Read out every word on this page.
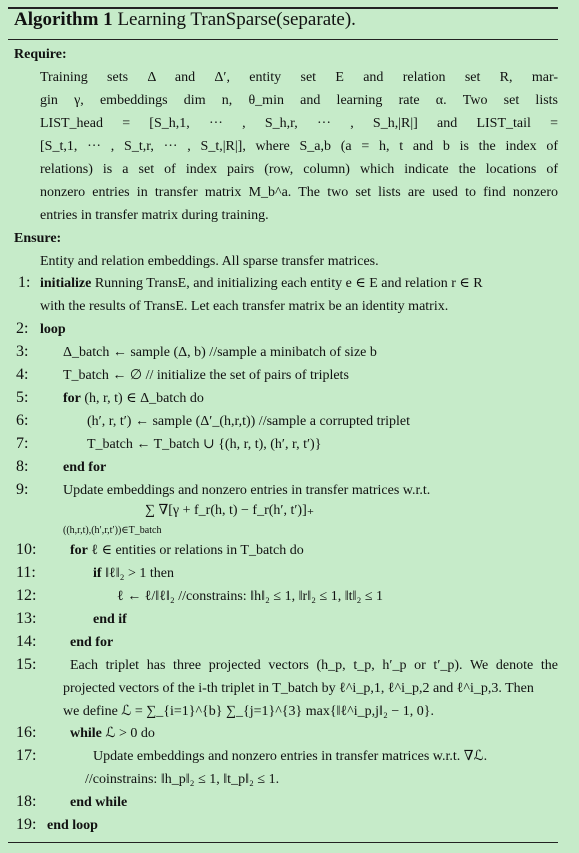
Algorithm 1 Learning TranSparse(separate).
Require:
Training sets Δ and Δ′, entity set E and relation set R, mar-
gin γ, embeddings dim n, θ_min and learning rate α. Two set lists
LIST_head = [S_h,1, ··· , S_h,r, ··· , S_h,|R|] and LIST_tail =
[S_t,1, ··· , S_t,r, ··· , S_t,|R|], where S_a,b (a = h, t and b is the index of
relations) is a set of index pairs (row, column) which indicate the locations of
nonzero entries in transfer matrix M_b^a. The two set lists are used to find nonzero
entries in transfer matrix during training.
Ensure:
Entity and relation embeddings. All sparse transfer matrices.
1: initialize Running TransE, and initializing each entity e ∈ E and relation r ∈ R
with the results of TransE. Let each transfer matrix be an identity matrix.
2: loop
3: Δ_batch ← sample (Δ, b) //sample a minibatch of size b
4: T_batch ← ∅ // initialize the set of pairs of triplets
5: for (h, r, t) ∈ Δ_batch do
6:	(h′, r, t′) ← sample (Δ′_(h,r,t)) //sample a corrupted triplet
7:	T_batch ← T_batch ∪ {(h, r, t), (h′, r, t′)}
8: end for
9: Update embeddings and nonzero entries in transfer matrices w.r.t.
∑ ∇[γ + f_r(h, t) − f_r(h′, t′)]₊
((h,r,t),(h′,r,t′))∈T_batch
10: for ℓ ∈ entities or relations in T_batch do
11:	if ‖ℓ‖₂ > 1 then
12:	ℓ ← ℓ/‖ℓ‖₂ //constrains: ‖h‖₂ ≤ 1, ‖r‖₂ ≤ 1, ‖t‖₂ ≤ 1
13:	end if
14: end for
15: Each triplet has three projected vectors (h_p, t_p, h′_p or t′_p). We denote the
projected vectors of the i-th triplet in T_batch by ℓ^i_p,1, ℓ^i_p,2 and ℓ^i_p,3. Then
we define ℒ = ∑_{i=1}^{b} ∑_{j=1}^{3} max{‖ℓ^i_p,j‖₂ − 1, 0}.
16: while ℒ > 0 do
17:	Update embeddings and nonzero entries in transfer matrices w.r.t. ∇ℒ.
//coinstrains: ‖h_p‖₂ ≤ 1, ‖t_p‖₂ ≤ 1.
18: end while
19: end loop
